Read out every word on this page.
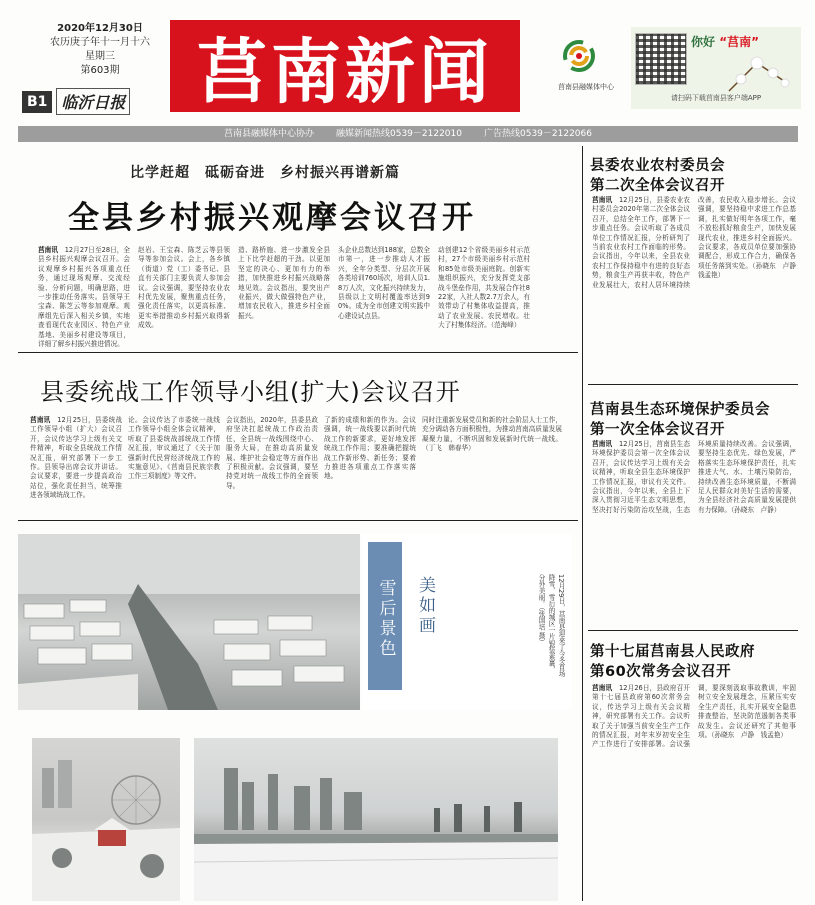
2020年12月30日
农历庚子年十一月十六
星期三
第603期
B1 临沂日报	莒南新闻	莒南县融媒体中心
你好 “莒南”
请扫码下载莒南县客户端APP
莒南县融媒体中心协办 融媒新闻热线0539－2122010 广告热线0539－2122066
比学赶超　砥砺奋进　乡村振兴再谱新篇
全县乡村振兴观摩会议召开
莒南讯　 12月27日至28日，全县乡村振兴观摩会议召开。会议观摩乡村振兴各项重点任务，通过现场观摩、交流经验、分析问题，明确思路，进一步推动任务落实。县领导王宝森、陈芝云等参加观摩。观摩组先后深入相关乡镇，实地查看现代农业园区、特色产业基地、美丽乡村建设等项目，详细了解乡村振兴推进情况。
赵岩、王宝森、陈芝云等县领导等参加会议。会上，各乡镇（街道）党（工）委书记、县直有关部门主要负责人参加会议。会议强调，要坚持农业农村优先发展，聚焦重点任务，强化责任落实，以更高标准、更实举措推动乡村振兴取得新成效。
造、路桥施、进一步激发全县上下比学赶超的干劲。以更加坚定的决心、更加有力的举措，加快推进乡村振兴战略落地见效。会议指出，要突出产业振兴，做大做强特色产业，增加农民收入，推进乡村全面振兴。
头企业总数达到188家，总数全市第一，进一步推动人才振兴，全年分类型、分层次开展各类培训760场次，培训人员1.8万人次，文化振兴持续发力，县级以上文明村覆盖率达到90%。成为全市创建文明实践中心建设试点县。
动创建12个省级美丽乡村示范村，27个市级美丽乡村示范村和85处市级美丽庭院。创新实施组织振兴，充分发挥党支部战斗堡垒作用，共发展合作社822家，入社人数2.7万余人，有效带动了村集体收益提高，推动了农业发展、农民增收。壮大了村集体经济。（范海峰）
县委统战工作领导小组(扩大)会议召开
莒南讯　 12月25日，县委统战工作领导小组（扩大）会议召开，会议传达学习上级有关文件精神，听取全县统战工作情况汇报，研究部署下一步工作。县领导出席会议并讲话。会议要求，要进一步提高政治站位，强化责任担当，统筹推进各领域统战工作。
论。会议传达了市委统一战线工作领导小组全体会议精神，听取了县委统战部统战工作情况汇报，审议通过了《关于加强新时代民营经济统战工作的实施意见》、《莒南县民族宗教工作三项制度》等文件。
会议指出，2020年，县委县政府坚决扛起统战工作政治责任，全县统一战线围绕中心、服务大局，在推动高质量发展、维护社会稳定等方面作出了积极贡献。会议强调，要坚持党对统一战线工作的全面领导。
了新的成绩和新的作为。会议强调，统一战线要以新时代统战工作的新要求，更好地发挥统战工作作用；要准确把握统战工作新形势、新任务；要着力推进各项重点工作落实落地。
同时注重新发展党员和新的社会阶层人士工作，充分调动各方面积极性，为推动莒南高质量发展凝聚力量，不断巩固和发展新时代统一战线。（丁飞　韩春华）
雪后景色	美如画	12月29日，莒南县迎来了今冬首场降雪，雪后的城区一片银装素裹，分外美丽。（张国培 摄）
县委农业农村委员会
第二次全体会议召开
莒南讯　 12月25日，县委农业农村委员会2020年第二次全体会议召开，总结全年工作，部署下一步重点任务。会议听取了各成员单位工作情况汇报，分析研判了当前农业农村工作面临的形势。会议指出，今年以来，全县农业农村工作保持稳中有进的良好态势，粮食生产再获丰收，特色产业发展壮大，农村人居环境持续改善，农民收入稳步增长。会议强调，要坚持稳中求进工作总基调，扎实做好明年各项工作，毫不放松抓好粮食生产，加快发展现代农业，推进乡村全面振兴。会议要求，各成员单位要加强协调配合，形成工作合力，确保各项任务落到实处。（孙晓东　卢静　钱孟艳）
莒南县生态环境保护委员会
第一次全体会议召开
莒南讯　 12月25日，莒南县生态环境保护委员会第一次全体会议召开，会议传达学习上级有关会议精神，听取全县生态环境保护工作情况汇报，审议有关文件。会议指出，今年以来，全县上下深入贯彻习近平生态文明思想，坚决打好污染防治攻坚战，生态环境质量持续改善。会议强调，要坚持生态优先、绿色发展，严格落实生态环境保护责任，扎实推进大气、水、土壤污染防治，持续改善生态环境质量，不断满足人民群众对美好生活的需要，为全县经济社会高质量发展提供有力保障。（孙晓东　卢静）
第十七届莒南县人民政府
第60次常务会议召开
莒南讯　 12月26日，县政府召开第十七届县政府第60次常务会议，传达学习上级有关会议精神，研究部署有关工作。会议听取了关于加强当前安全生产工作的情况汇报，对年末岁初安全生产工作进行了安排部署。会议强调，要深刻汲取事故教训，牢固树立安全发展理念，压紧压实安全生产责任，扎实开展安全隐患排查整治，坚决防范遏制各类事故发生。会议还研究了其他事项。（孙晓东　卢静　钱孟艳）
